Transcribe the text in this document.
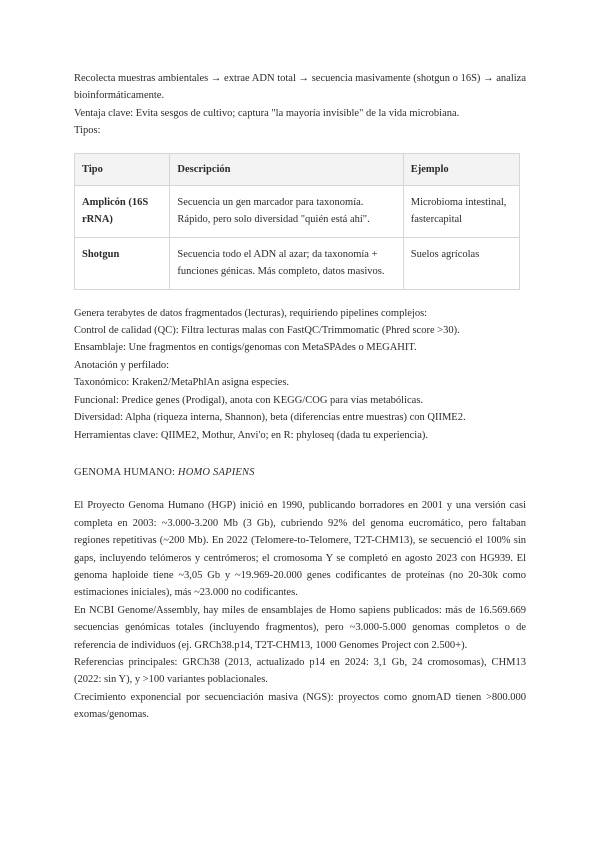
Recolecta muestras ambientales → extrae ADN total → secuencia masivamente (shotgun o 16S) → analiza bioinformáticamente.

Ventaja clave: Evita sesgos de cultivo; captura "la mayoría invisible" de la vida microbiana.

Tipos:

Tipo	Descripción	Ejemplo
Amplicón (16S rRNA)	Secuencia un gen marcador para taxonomía. Rápido, pero solo diversidad "quién está ahí".	Microbioma intestinal, fastercapital
Shotgun	Secuencia todo el ADN al azar; da taxonomía + funciones génicas. Más completo, datos masivos.	Suelos agrícolas

Genera terabytes de datos fragmentados (lecturas), requiriendo pipelines complejos:

Control de calidad (QC): Filtra lecturas malas con FastQC/Trimmomatic (Phred score >30).

Ensamblaje: Une fragmentos en contigs/genomas con MetaSPAdes o MEGAHIT.

Anotación y perfilado:

Taxonómico: Kraken2/MetaPhlAn asigna especies.

Funcional: Predice genes (Prodigal), anota con KEGG/COG para vías metabólicas.

Diversidad: Alpha (riqueza interna, Shannon), beta (diferencias entre muestras) con QIIME2.

Herramientas clave: QIIME2, Mothur, Anvi'o; en R: phyloseq (dada tu experiencia).

GENOMA HUMANO: HOMO SAPIENS

El Proyecto Genoma Humano (HGP) inició en 1990, publicando borradores en 2001 y una versión casi completa en 2003: ~3.000-3.200 Mb (3 Gb), cubriendo 92% del genoma eucromático, pero faltaban regiones repetitivas (~200 Mb). En 2022 (Telomere-to-Telomere, T2T-CHM13), se secuenció el 100% sin gaps, incluyendo telómeros y centrómeros; el cromosoma Y se completó en agosto 2023 con HG939. El genoma haploide tiene ~3,05 Gb y ~19.969-20.000 genes codificantes de proteínas (no 20-30k como estimaciones iniciales), más ~23.000 no codificantes.

En NCBI Genome/Assembly, hay miles de ensamblajes de Homo sapiens publicados: más de 16.569.669 secuencias genómicas totales (incluyendo fragmentos), pero ~3.000-5.000 genomas completos o de referencia de individuos (ej. GRCh38.p14, T2T-CHM13, 1000 Genomes Project con 2.500+).

Referencias principales: GRCh38 (2013, actualizado p14 en 2024: 3,1 Gb, 24 cromosomas), CHM13 (2022: sin Y), y >100 variantes poblacionales.

Crecimiento exponencial por secuenciación masiva (NGS): proyectos como gnomAD tienen >800.000 exomas/genomas.
